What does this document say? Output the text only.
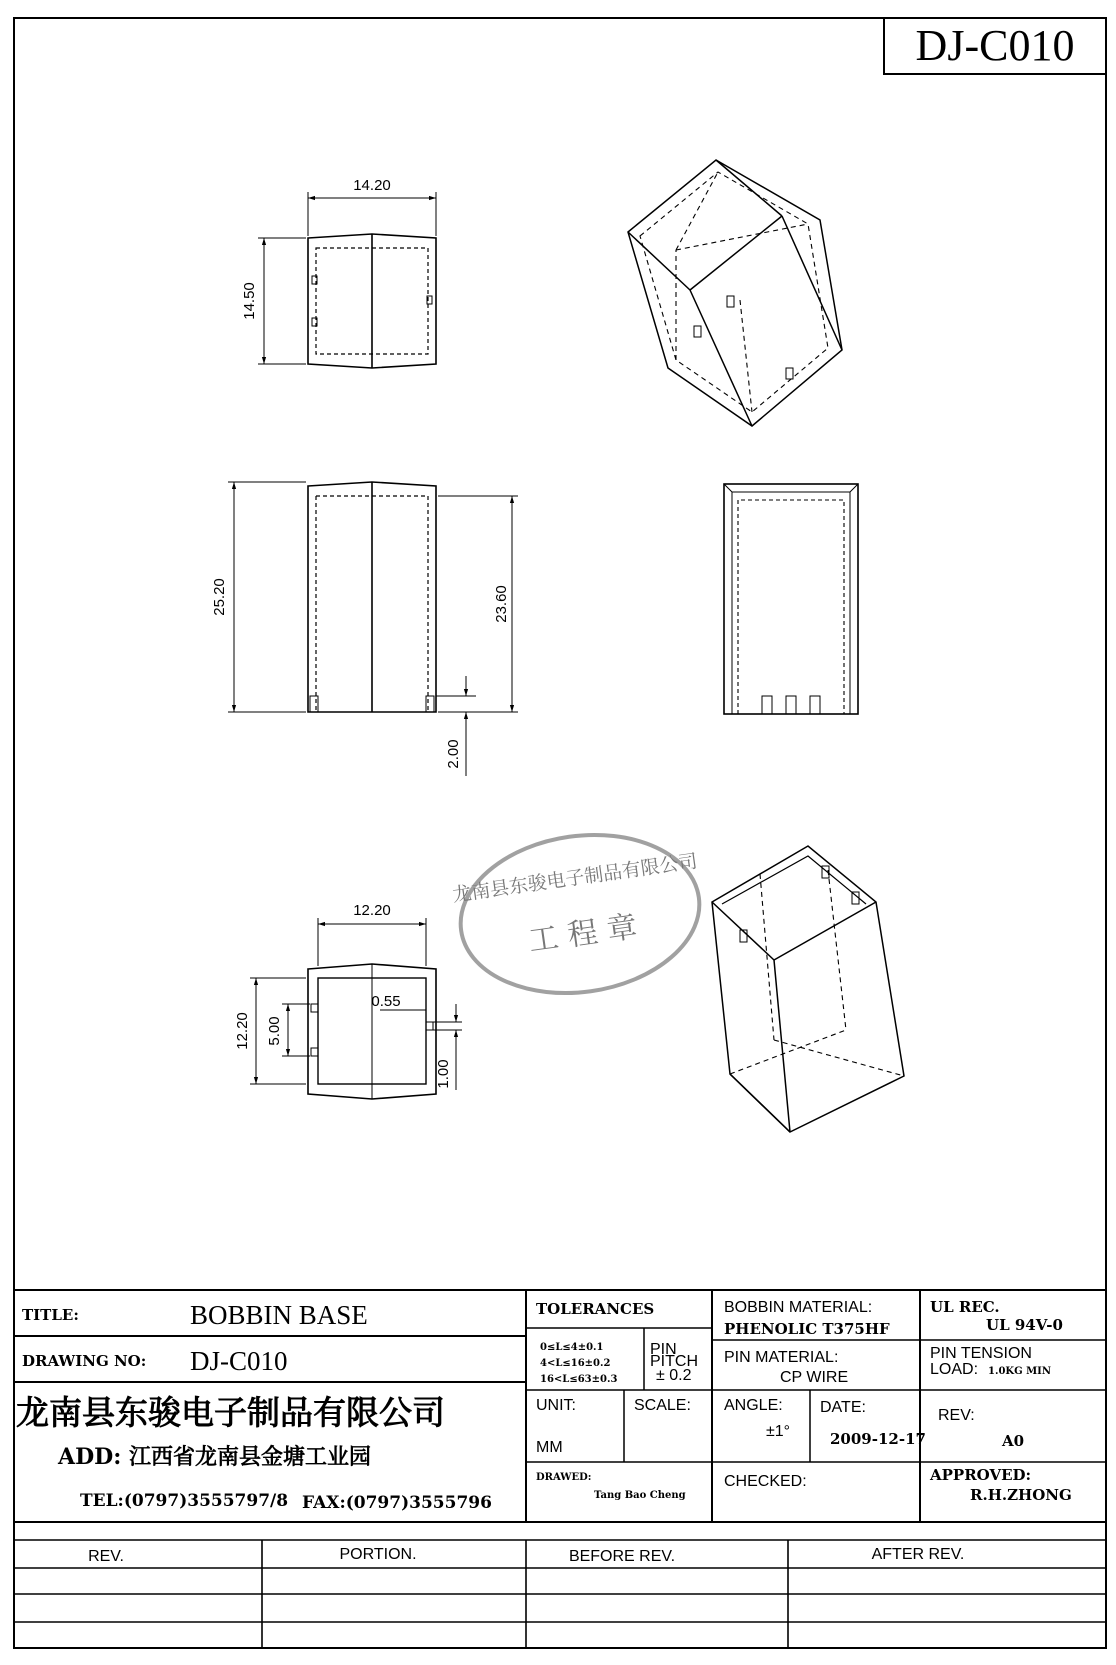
DJ-C010
14.20
14.50
25.20	23.60
2.00
12.20
12.20 5.00
0.55
1.00
龙南县东骏电子制品有限公司
工 程 章
TITLE:	BOBBIN BASE
DRAWING NO: DJ-C010
龙南县东骏电子制品有限公司
ADD: 江西省龙南县金塘工业园
TEL:(0797)3555797/8 FAX:(0797)3555796
TOLERANCES
0≤L≤4±0.1
4<L≤16±0.2
16<L≤63±0.3
PIN
PITCH
± 0.2
UNIT:
MM
SCALE:
DRAWED:
Tang Bao Cheng
BOBBIN MATERIAL:
PHENOLIC T375HF
PIN MATERIAL:
CP WIRE
ANGLE:
±1°
DATE:
2009-12-17
CHECKED:
UL REC.
UL 94V-0
PIN TENSION
LOAD: 1.0KG MIN
REV:
A0
APPROVED:
R.H.ZHONG
REV.	PORTION.	BEFORE REV.	AFTER REV.
